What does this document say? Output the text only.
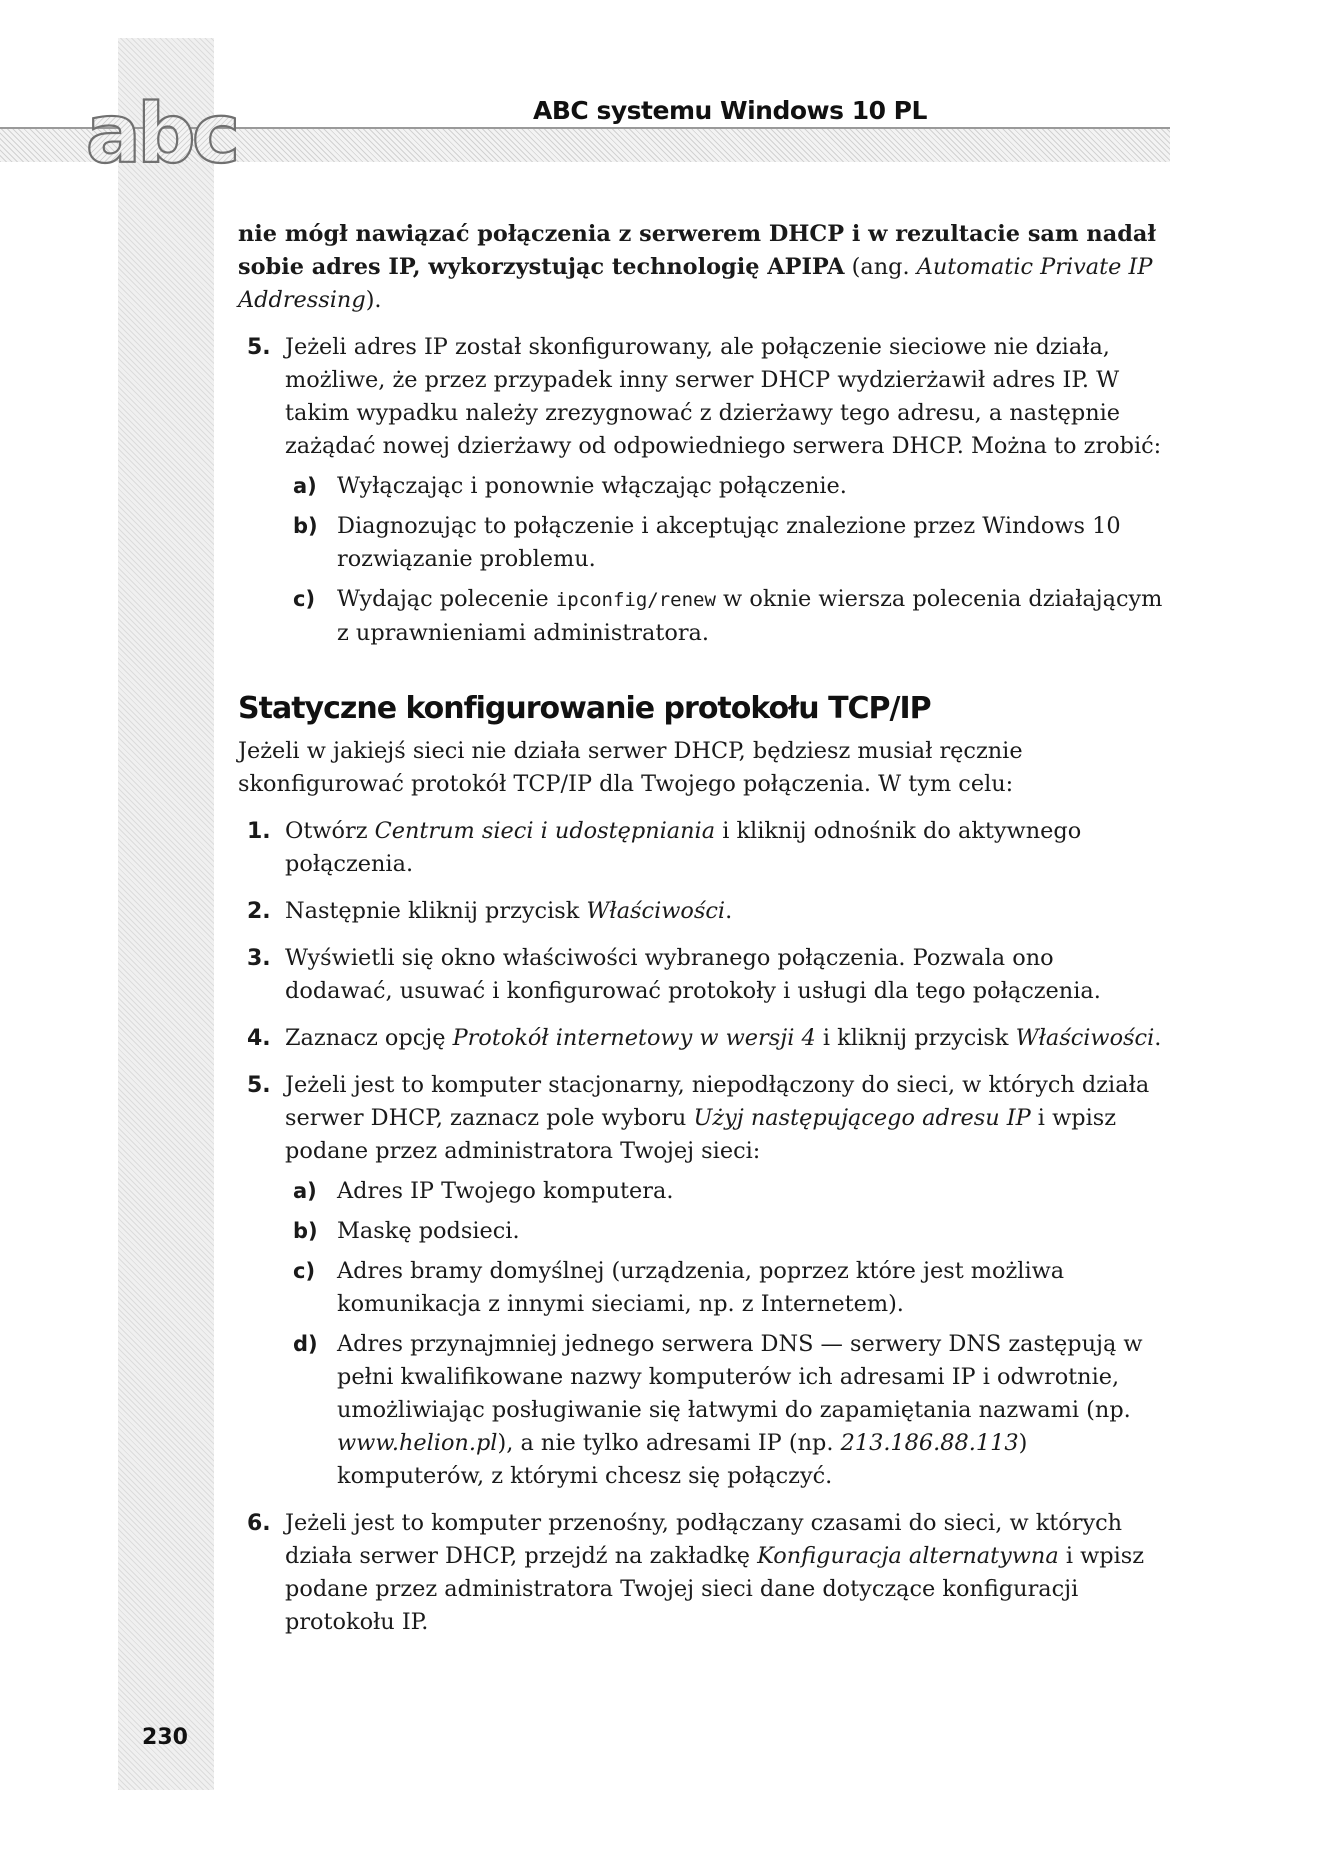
abc	ABC systemu Windows 10 PL

nie mógł nawiązać połączenia z serwerem DHCP i w rezultacie sam nadał sobie adres IP, wykorzystując technologię APIPA (ang. Automatic Private IP Addressing).

5. Jeżeli adres IP został skonfigurowany, ale połączenie sieciowe nie działa, możliwe, że przez przypadek inny serwer DHCP wydzierżawił adres IP. W takim wypadku należy zrezygnować z dzierżawy tego adresu, a następnie zażądać nowej dzierżawy od odpowiedniego serwera DHCP. Można to zrobić:
a) Wyłączając i ponownie włączając połączenie.
b) Diagnozując to połączenie i akceptując znalezione przez Windows 10 rozwiązanie problemu.
c) Wydając polecenie ipconfig/renew w oknie wiersza polecenia działającym z uprawnieniami administratora.
Statyczne konfigurowanie protokołu TCP/IP

Jeżeli w jakiejś sieci nie działa serwer DHCP, będziesz musiał ręcznie skonfigurować protokół TCP/IP dla Twojego połączenia. W tym celu:

1. Otwórz Centrum sieci i udostępniania i kliknij odnośnik do aktywnego połączenia.
2. Następnie kliknij przycisk Właściwości.
3. Wyświetli się okno właściwości wybranego połączenia. Pozwala ono dodawać, usuwać i konfigurować protokoły i usługi dla tego połączenia.
4. Zaznacz opcję Protokół internetowy w wersji 4 i kliknij przycisk Właściwości.
5. Jeżeli jest to komputer stacjonarny, niepodłączony do sieci, w których działa serwer DHCP, zaznacz pole wyboru Użyj następującego adresu IP i wpisz podane przez administratora Twojej sieci:
a) Adres IP Twojego komputera.
b) Maskę podsieci.
c) Adres bramy domyślnej (urządzenia, poprzez które jest możliwa komunikacja z innymi sieciami, np. z Internetem).
d) Adres przynajmniej jednego serwera DNS — serwery DNS zastępują w pełni kwalifikowane nazwy komputerów ich adresami IP i odwrotnie, umożliwiając posługiwanie się łatwymi do zapamiętania nazwami (np. www.helion.pl), a nie tylko adresami IP (np. 213.186.88.113) komputerów, z którymi chcesz się połączyć.
6. Jeżeli jest to komputer przenośny, podłączany czasami do sieci, w których działa serwer DHCP, przejdź na zakładkę Konfiguracja alternatywna i wpisz podane przez administratora Twojej sieci dane dotyczące konfiguracji protokołu IP.
230
